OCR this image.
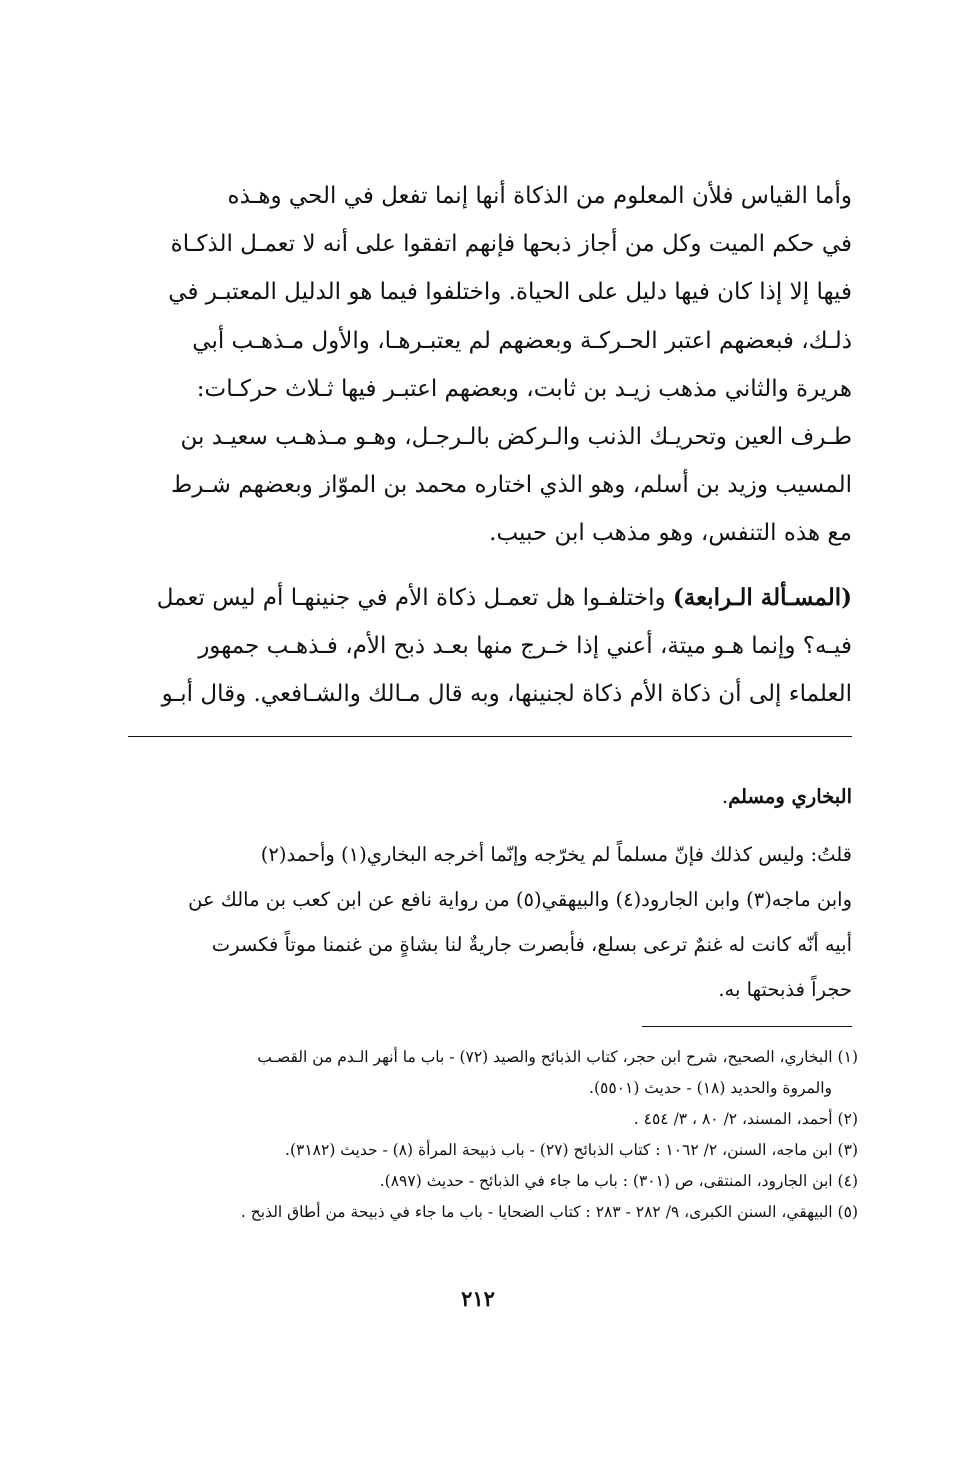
وأما القياس فلأن المعلوم من الذكاة أنها إنما تفعل في الحي وهـذه
في حكم الميت وكل من أجاز ذبحها فإنهم اتفقوا على أنه لا تعمـل الذكـاة
فيها إلا إذا كان فيها دليل على الحياة. واختلفوا فيما هو الدليل المعتبـر في
ذلـك، فبعضهم اعتبر الحـركـة وبعضهم لم يعتبـرهـا، والأول مـذهـب أبي
هريرة والثاني مذهب زيـد بن ثابت، وبعضهم اعتبـر فيها ثـلاث حركـات:
طـرف العين وتحريـك الذنب والـركض بالـرجـل، وهـو مـذهـب سعيـد بن
المسيب وزيد بن أسلم، وهو الذي اختاره محمد بن الموّاز وبعضهم شـرط
مع هذه التنفس، وهو مذهب ابن حبيب.

(المسـألة الـرابعة) واختلفـوا هل تعمـل ذكاة الأم في جنينهـا أم ليس تعمل
فيـه؟ وإنما هـو ميتة، أعني إذا خـرج منها بعـد ذبح الأم، فـذهـب جمهور
العلماء إلى أن ذكاة الأم ذكاة لجنينها، وبه قال مـالك والشـافعي. وقال أبـو

البخاري ومسلم.

قلتُ: وليس كذلك فإنّ مسلماً لم يخرّجه وإنّما أخرجه البخاري(١) وأحمد(٢)
وابن ماجه(٣) وابن الجارود(٤) والبيهقي(٥) من رواية نافع عن ابن كعب بن مالك عن
أبيه أنّه كانت له غنمٌ ترعى بسلع، فأبصرت جاريةٌ لنا بشاةٍ من غنمنا موتاً فكسرت
حجراً فذبحتها به.

(١) البخاري، الصحيح، شرح ابن حجر، كتاب الذبائح والصيد (٧٢) - باب ما أنهر الـدم من القصـب
والمروة والحديد (١٨) - حديث (٥٥٠١).
(٢) أحمد، المسند، ٢/ ٨٠ ، ٣/ ٤٥٤ .
(٣) ابن ماجه، السنن، ٢/ ١٠٦٢ : كتاب الذبائح (٢٧) - باب ذبيحة المرأة (٨) - حديث (٣١٨٢).
(٤) ابن الجارود، المنتقى، ص (٣٠١) : باب ما جاء في الذبائح - حديث (٨٩٧).
(٥) البيهقي، السنن الكبرى، ٩/ ٢٨٢ - ٢٨٣ : كتاب الضحايا - باب ما جاء في ذبيحة من أطاق الذبح .
٢١٢
